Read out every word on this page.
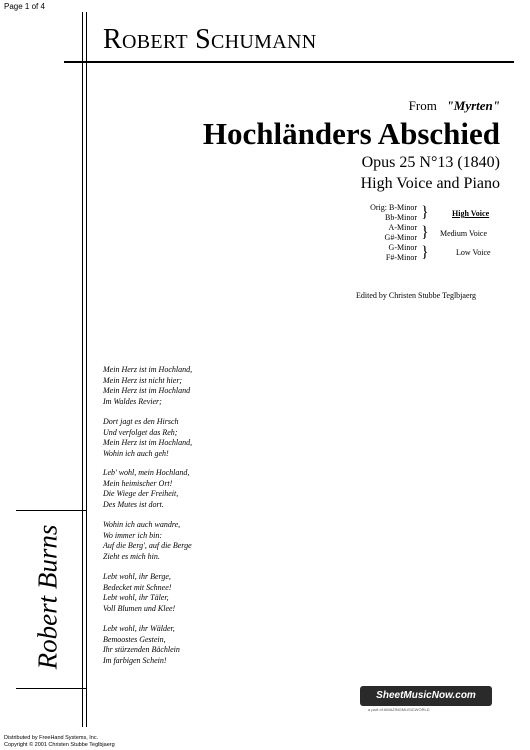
Page 1 of 4
Robert Schumann
From "Myrten"
Hochländers Abschied
Opus 25 N°13 (1840)
High Voice and Piano
Orig: B-Minor
Bb-Minor }	High Voice
A-Minor
G#-Minor } Medium Voice
G-Minor
F#-Minor }	Low Voice
Edited by Christen Stubbe Teglbjaerg
Mein Herz ist im Hochland,
Mein Herz ist nicht hier;
Mein Herz ist im Hochland
Im Waldes Revier;
Dort jagt es den Hirsch
Und verfolget das Reh;
Mein Herz ist im Hochland,
Wohin ich auch geh!
Leb' wohl, mein Hochland,
Mein heimischer Ort!
Die Wiege der Freiheit,
Des Mutes ist dort.
Wohin ich auch wandre,
Wo immer ich bin:
Auf die Berg', auf die Berge
Zieht es mich hin.
Lebt wohl, ihr Berge,
Bedecket mit Schnee!
Lebt wohl, ihr Täler,
Voll Blumen und Klee!
Lebt wohl, ihr Wälder,
Bemoostes Gestein,
Ihr stürzenden Bächlein
Im farbigen Schein!
Robert Burns
SheetMusicNow.com
a part of AMAZINGMUSICWORLD
Distributed by FreeHand Systems, Inc.
Copyright © 2001 Christen Stubbe Teglbjaerg
